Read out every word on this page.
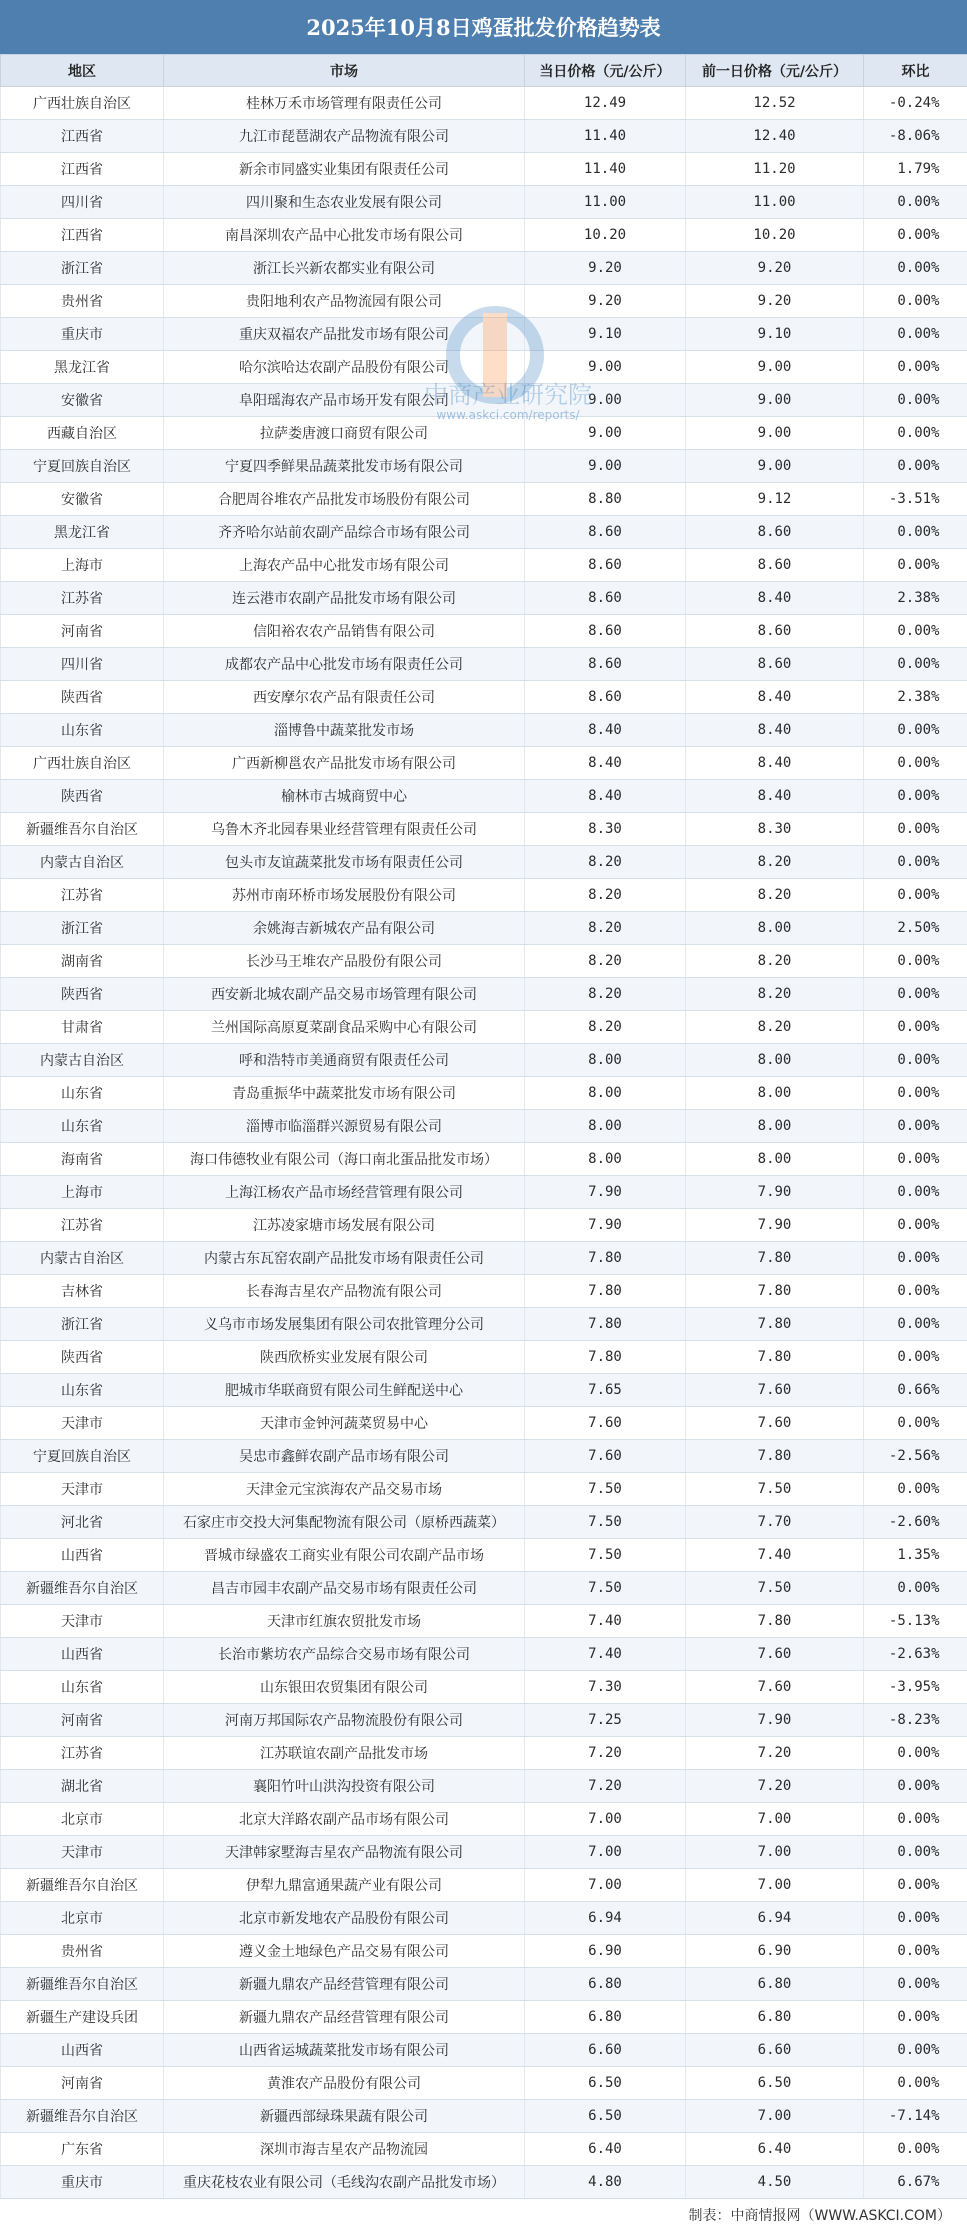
2025年10月8日鸡蛋批发价格趋势表
地区	市场	当日价格（元/公斤）	前一日价格（元/公斤）	环比
广西壮族自治区	桂林万禾市场管理有限责任公司	12.49	12.52	-0.24%
江西省	九江市琵琶湖农产品物流有限公司	11.40	12.40	-8.06%
江西省	新余市同盛实业集团有限责任公司	11.40	11.20	1.79%
四川省	四川聚和生态农业发展有限公司	11.00	11.00	0.00%
江西省	南昌深圳农产品中心批发市场有限公司	10.20	10.20	0.00%
浙江省	浙江长兴新农都实业有限公司	9.20	9.20	0.00%
贵州省	贵阳地利农产品物流园有限公司	9.20	9.20	0.00%
重庆市	重庆双福农产品批发市场有限公司	9.10	9.10	0.00%
黑龙江省	哈尔滨哈达农副产品股份有限公司	9.00	9.00	0.00%
安徽省	阜阳瑶海农产品市场开发有限公司	9.00	9.00	0.00%
西藏自治区	拉萨娄唐渡口商贸有限公司	9.00	9.00	0.00%
宁夏回族自治区	宁夏四季鲜果品蔬菜批发市场有限公司	9.00	9.00	0.00%
安徽省	合肥周谷堆农产品批发市场股份有限公司	8.80	9.12	-3.51%
黑龙江省	齐齐哈尔站前农副产品综合市场有限公司	8.60	8.60	0.00%
上海市	上海农产品中心批发市场有限公司	8.60	8.60	0.00%
江苏省	连云港市农副产品批发市场有限公司	8.60	8.40	2.38%
河南省	信阳裕农农产品销售有限公司	8.60	8.60	0.00%
四川省	成都农产品中心批发市场有限责任公司	8.60	8.60	0.00%
陕西省	西安摩尔农产品有限责任公司	8.60	8.40	2.38%
山东省	淄博鲁中蔬菜批发市场	8.40	8.40	0.00%
广西壮族自治区	广西新柳邕农产品批发市场有限公司	8.40	8.40	0.00%
陕西省	榆林市古城商贸中心	8.40	8.40	0.00%
新疆维吾尔自治区	乌鲁木齐北园春果业经营管理有限责任公司	8.30	8.30	0.00%
内蒙古自治区	包头市友谊蔬菜批发市场有限责任公司	8.20	8.20	0.00%
江苏省	苏州市南环桥市场发展股份有限公司	8.20	8.20	0.00%
浙江省	余姚海吉新城农产品有限公司	8.20	8.00	2.50%
湖南省	长沙马王堆农产品股份有限公司	8.20	8.20	0.00%
陕西省	西安新北城农副产品交易市场管理有限公司	8.20	8.20	0.00%
甘肃省	兰州国际高原夏菜副食品采购中心有限公司	8.20	8.20	0.00%
内蒙古自治区	呼和浩特市美通商贸有限责任公司	8.00	8.00	0.00%
山东省	青岛重振华中蔬菜批发市场有限公司	8.00	8.00	0.00%
山东省	淄博市临淄群兴源贸易有限公司	8.00	8.00	0.00%
海南省	海口伟德牧业有限公司（海口南北蛋品批发市场）	8.00	8.00	0.00%
上海市	上海江杨农产品市场经营管理有限公司	7.90	7.90	0.00%
江苏省	江苏凌家塘市场发展有限公司	7.90	7.90	0.00%
内蒙古自治区	内蒙古东瓦窑农副产品批发市场有限责任公司	7.80	7.80	0.00%
吉林省	长春海吉星农产品物流有限公司	7.80	7.80	0.00%
浙江省	义乌市市场发展集团有限公司农批管理分公司	7.80	7.80	0.00%
陕西省	陕西欣桥实业发展有限公司	7.80	7.80	0.00%
山东省	肥城市华联商贸有限公司生鲜配送中心	7.65	7.60	0.66%
天津市	天津市金钟河蔬菜贸易中心	7.60	7.60	0.00%
宁夏回族自治区	吴忠市鑫鲜农副产品市场有限公司	7.60	7.80	-2.56%
天津市	天津金元宝滨海农产品交易市场	7.50	7.50	0.00%
河北省	石家庄市交投大河集配物流有限公司（原桥西蔬菜）	7.50	7.70	-2.60%
山西省	晋城市绿盛农工商实业有限公司农副产品市场	7.50	7.40	1.35%
新疆维吾尔自治区	昌吉市园丰农副产品交易市场有限责任公司	7.50	7.50	0.00%
天津市	天津市红旗农贸批发市场	7.40	7.80	-5.13%
山西省	长治市紫坊农产品综合交易市场有限公司	7.40	7.60	-2.63%
山东省	山东银田农贸集团有限公司	7.30	7.60	-3.95%
河南省	河南万邦国际农产品物流股份有限公司	7.25	7.90	-8.23%
江苏省	江苏联谊农副产品批发市场	7.20	7.20	0.00%
湖北省	襄阳竹叶山洪沟投资有限公司	7.20	7.20	0.00%
北京市	北京大洋路农副产品市场有限公司	7.00	7.00	0.00%
天津市	天津韩家墅海吉星农产品物流有限公司	7.00	7.00	0.00%
新疆维吾尔自治区	伊犁九鼎富通果蔬产业有限公司	7.00	7.00	0.00%
北京市	北京市新发地农产品股份有限公司	6.94	6.94	0.00%
贵州省	遵义金土地绿色产品交易有限公司	6.90	6.90	0.00%
新疆维吾尔自治区	新疆九鼎农产品经营管理有限公司	6.80	6.80	0.00%
新疆生产建设兵团	新疆九鼎农产品经营管理有限公司	6.80	6.80	0.00%
山西省	山西省运城蔬菜批发市场有限公司	6.60	6.60	0.00%
河南省	黄淮农产品股份有限公司	6.50	6.50	0.00%
新疆维吾尔自治区	新疆西部绿珠果蔬有限公司	6.50	7.00	-7.14%
广东省	深圳市海吉星农产品物流园	6.40	6.40	0.00%
重庆市	重庆花枝农业有限公司（毛线沟农副产品批发市场）	4.80	4.50	6.67%
中商产业研究院
www.askci.com/reports/
制表：中商情报网（WWW.ASKCI.COM）
